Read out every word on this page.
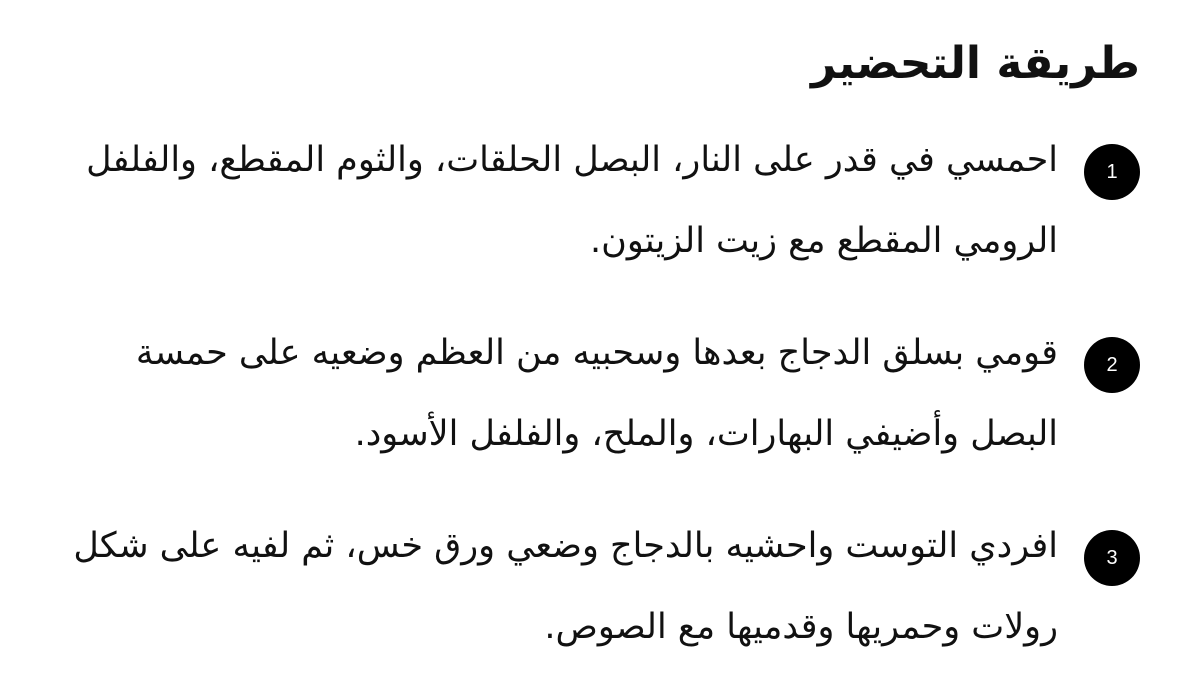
طريقة التحضير
1

احمسي في قدر على النار، البصل الحلقات، والثوم المقطع، والفلفل الرومي المقطع مع زيت الزيتون.

2

قومي بسلق الدجاج بعدها وسحبيه من العظم وضعيه على حمسة البصل وأضيفي البهارات، والملح، والفلفل الأسود.

3

افردي التوست واحشيه بالدجاج وضعي ورق خس، ثم لفيه على شكل رولات وحمريها وقدميها مع الصوص.
